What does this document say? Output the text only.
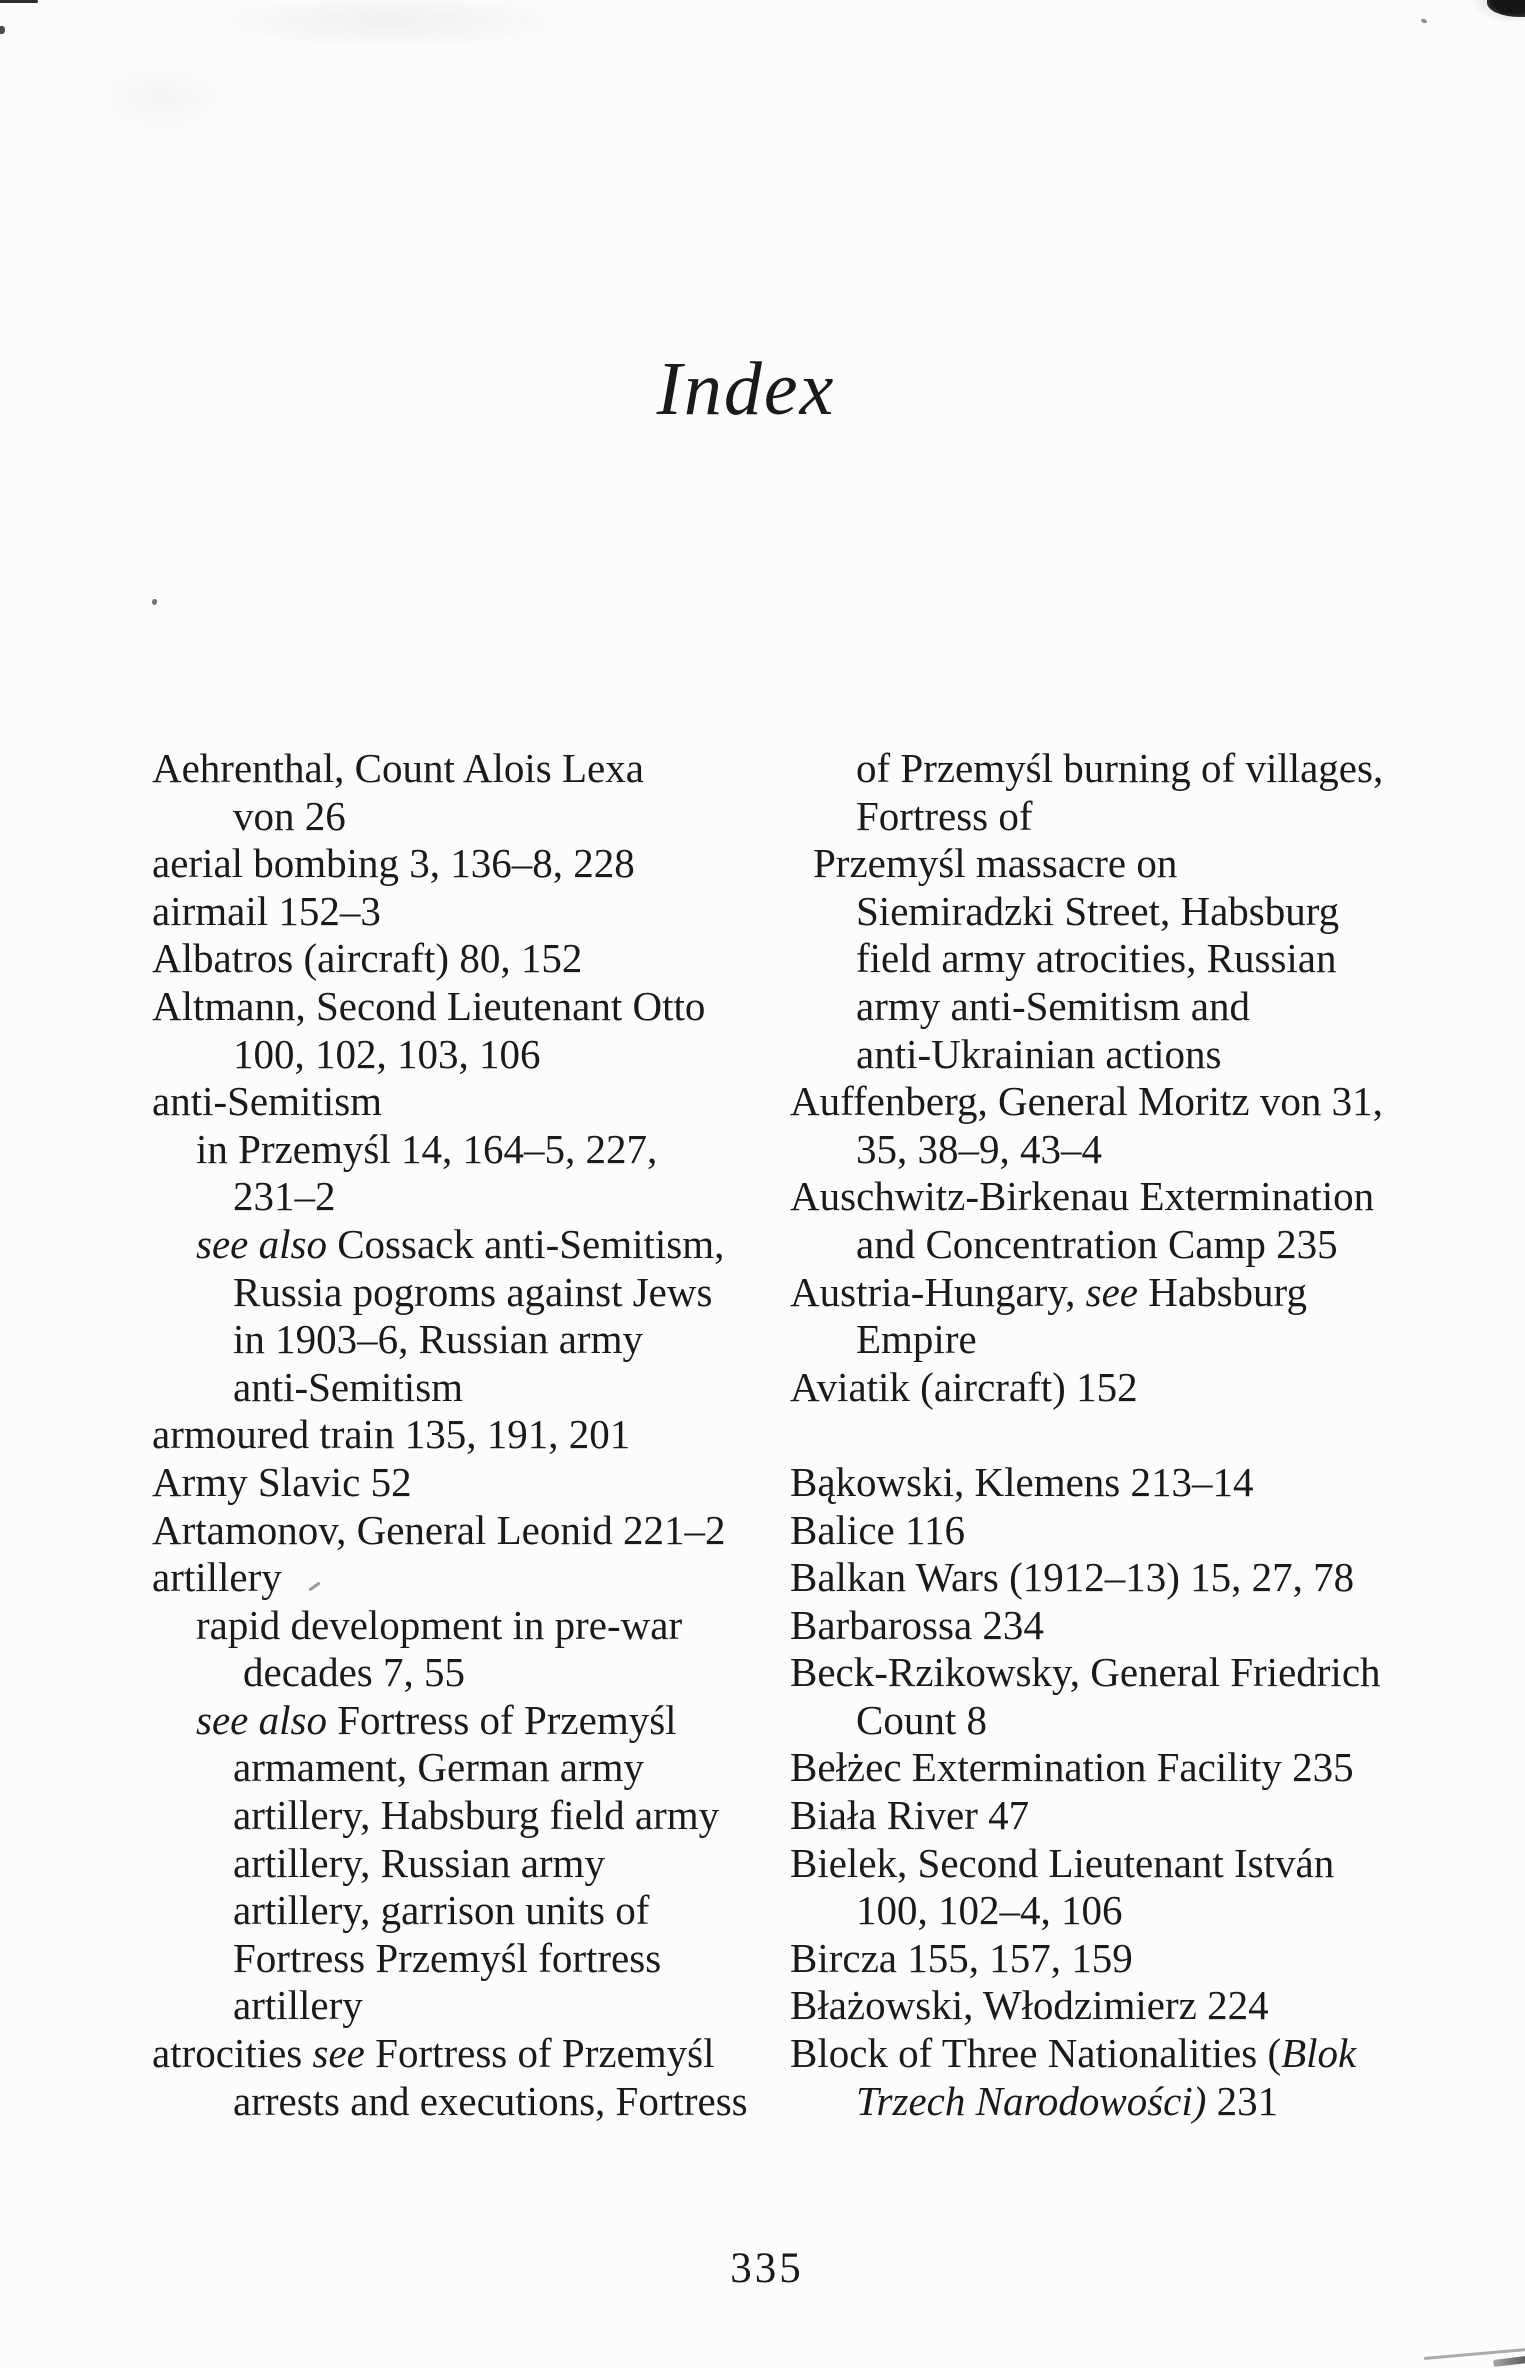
Index
Aehrenthal, Count Alois Lexa
von 26
aerial bombing 3, 136–8, 228
airmail 152–3
Albatros (aircraft) 80, 152
Altmann, Second Lieutenant Otto
100, 102, 103, 106
anti-Semitism
in Przemyśl 14, 164–5, 227,
231–2
see also Cossack anti-Semitism,
Russia pogroms against Jews
in 1903–6, Russian army
anti-Semitism
armoured train 135, 191, 201
Army Slavic 52
Artamonov, General Leonid 221–2
artillery
rapid development in pre-war
decades 7, 55
see also Fortress of Przemyśl
armament, German army
artillery, Habsburg field army
artillery, Russian army
artillery, garrison units of
Fortress Przemyśl fortress
artillery
atrocities see Fortress of Przemyśl
arrests and executions, Fortress
of Przemyśl burning of villages,
Fortress of
Przemyśl massacre on
Siemiradzki Street, Habsburg
field army atrocities, Russian
army anti-Semitism and
anti-Ukrainian actions
Auffenberg, General Moritz von 31,
35, 38–9, 43–4
Auschwitz-Birkenau Extermination
and Concentration Camp 235
Austria-Hungary, see Habsburg
Empire
Aviatik (aircraft) 152

Bąkowski, Klemens 213–14
Balice 116
Balkan Wars (1912–13) 15, 27, 78
Barbarossa 234
Beck-Rzikowsky, General Friedrich
Count 8
Bełżec Extermination Facility 235
Biała River 47
Bielek, Second Lieutenant István
100, 102–4, 106
Bircza 155, 157, 159
Błażowski, Włodzimierz 224
Block of Three Nationalities (Blok
Trzech Narodowości) 231
335
